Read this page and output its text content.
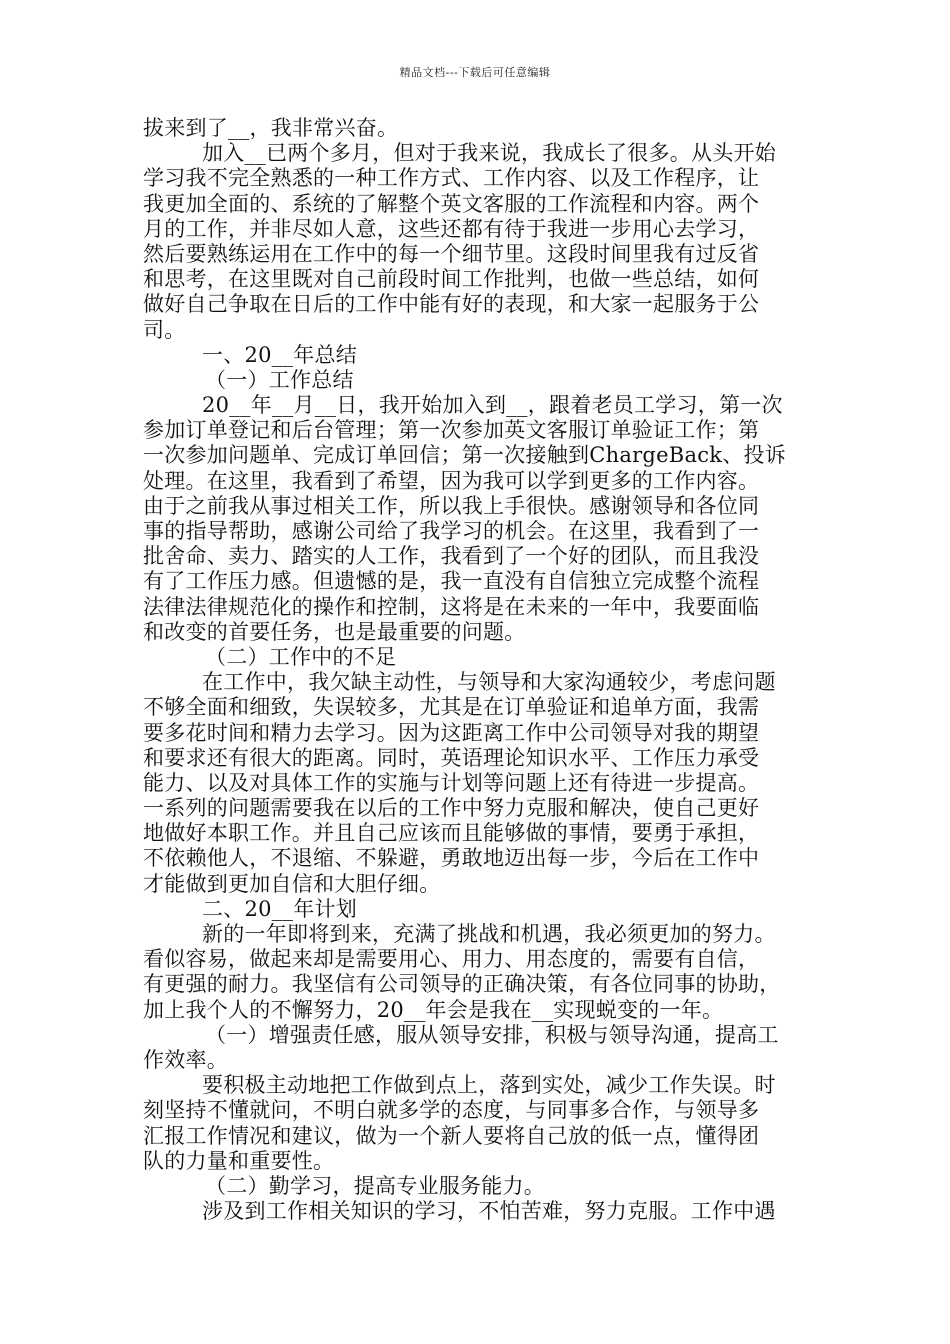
精品文档---下载后可任意编辑
拔来到了__，我非常兴奋。
加入__已两个多月，但对于我来说，我成长了很多。从头开始
学习我不完全熟悉的一种工作方式、工作内容、以及工作程序，让
我更加全面的、系统的了解整个英文客服的工作流程和内容。两个
月的工作，并非尽如人意，这些还都有待于我进一步用心去学习，
然后要熟练运用在工作中的每一个细节里。这段时间里我有过反省
和思考，在这里既对自己前段时间工作批判，也做一些总结，如何
做好自己争取在日后的工作中能有好的表现，和大家一起服务于公
司。
一、20__年总结
（一）工作总结
20__年__月__日，我开始加入到__，跟着老员工学习，第一次
参加订单登记和后台管理；第一次参加英文客服订单验证工作；第
一次参加问题单、完成订单回信；第一次接触到ChargeBack、投诉
处理。在这里，我看到了希望，因为我可以学到更多的工作内容。
由于之前我从事过相关工作，所以我上手很快。感谢领导和各位同
事的指导帮助，感谢公司给了我学习的机会。在这里，我看到了一
批舍命、卖力、踏实的人工作，我看到了一个好的团队，而且我没
有了工作压力感。但遗憾的是，我一直没有自信独立完成整个流程
法律法律规范化的操作和控制，这将是在未来的一年中，我要面临
和改变的首要任务，也是最重要的问题。
（二）工作中的不足
在工作中，我欠缺主动性，与领导和大家沟通较少，考虑问题
不够全面和细致，失误较多，尤其是在订单验证和追单方面，我需
要多花时间和精力去学习。因为这距离工作中公司领导对我的期望
和要求还有很大的距离。同时，英语理论知识水平、工作压力承受
能力、以及对具体工作的实施与计划等问题上还有待进一步提高。
一系列的问题需要我在以后的工作中努力克服和解决，使自己更好
地做好本职工作。并且自己应该而且能够做的事情，要勇于承担，
不依赖他人，不退缩、不躲避，勇敢地迈出每一步，今后在工作中
才能做到更加自信和大胆仔细。
二、20__年计划
新的一年即将到来，充满了挑战和机遇，我必须更加的努力。
看似容易，做起来却是需要用心、用力、用态度的，需要有自信，
有更强的耐力。我坚信有公司领导的正确决策，有各位同事的协助，
加上我个人的不懈努力，20__年会是我在__实现蜕变的一年。
（一）增强责任感，服从领导安排，积极与领导沟通，提高工
作效率。
要积极主动地把工作做到点上，落到实处，减少工作失误。时
刻坚持不懂就问，不明白就多学的态度，与同事多合作，与领导多
汇报工作情况和建议，做为一个新人要将自己放的低一点，懂得团
队的力量和重要性。
（二）勤学习，提高专业服务能力。
涉及到工作相关知识的学习，不怕苦难，努力克服。工作中遇
